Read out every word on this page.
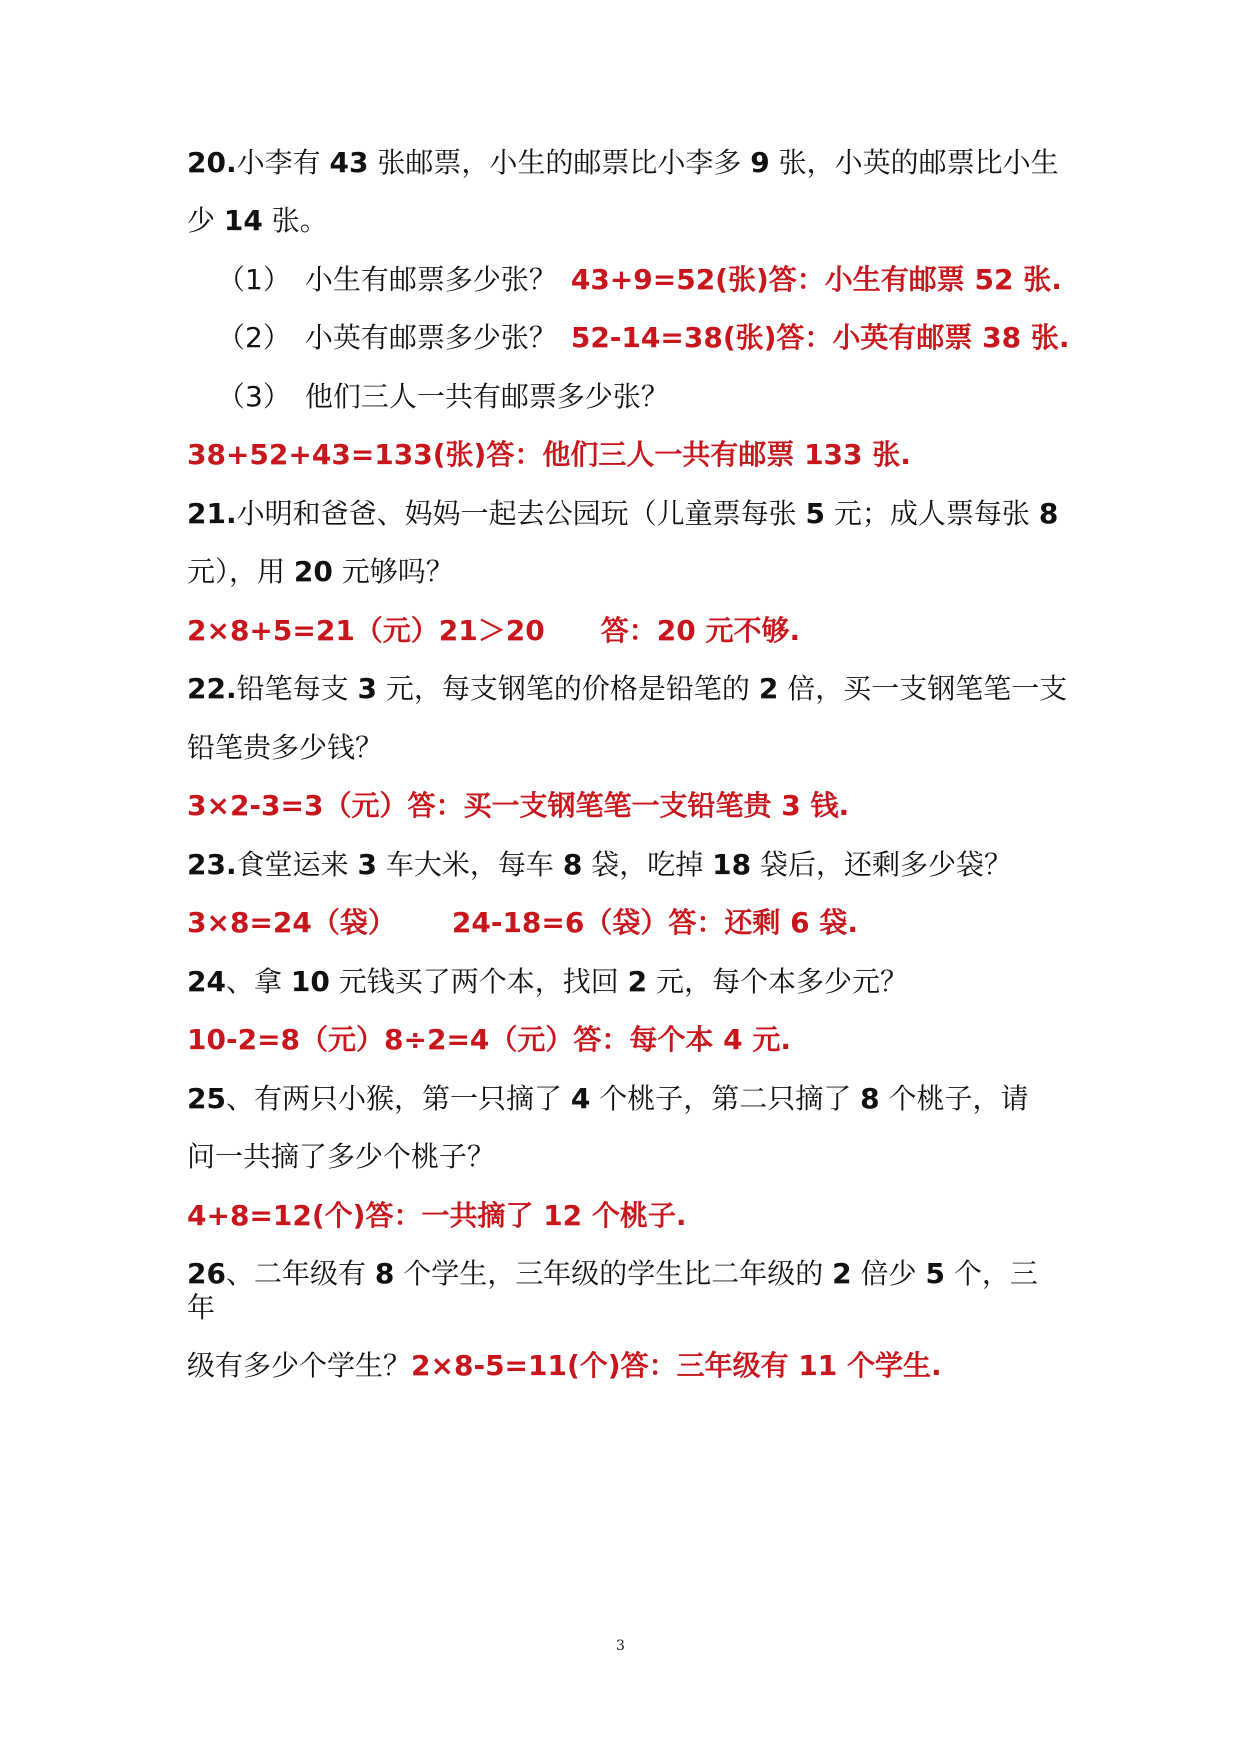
20.小李有 43 张邮票，小生的邮票比小李多 9 张，小英的邮票比小生
少 14 张。
（1） 小生有邮票多少张？ 43+9=52(张)答：小生有邮票 52 张.
（2） 小英有邮票多少张？ 52-14=38(张)答：小英有邮票 38 张.
（3） 他们三人一共有邮票多少张？
38+52+43=133(张)答：他们三人一共有邮票 133 张.
21.小明和爸爸、妈妈一起去公园玩（儿童票每张 5 元；成人票每张 8
元），用 20 元够吗？
2×8+5=21（元）21＞20 答：20 元不够.
22.铅笔每支 3 元，每支钢笔的价格是铅笔的 2 倍，买一支钢笔笔一支
铅笔贵多少钱？
3×2-3=3（元）答：买一支钢笔笔一支铅笔贵 3 钱.
23.食堂运来 3 车大米，每车 8 袋，吃掉 18 袋后，还剩多少袋？
3×8=24（袋） 24-18=6（袋）答：还剩 6 袋.
24、拿 10 元钱买了两个本，找回 2 元，每个本多少元？
10-2=8（元）8÷2=4（元）答：每个本 4 元.
25、有两只小猴，第一只摘了 4 个桃子，第二只摘了 8 个桃子，请
问一共摘了多少个桃子？
4+8=12(个)答：一共摘了 12 个桃子.
26、二年级有 8 个学生，三年级的学生比二年级的 2 倍少 5 个，三
年
级有多少个学生？2×8-5=11(个)答：三年级有 11 个学生.
3
